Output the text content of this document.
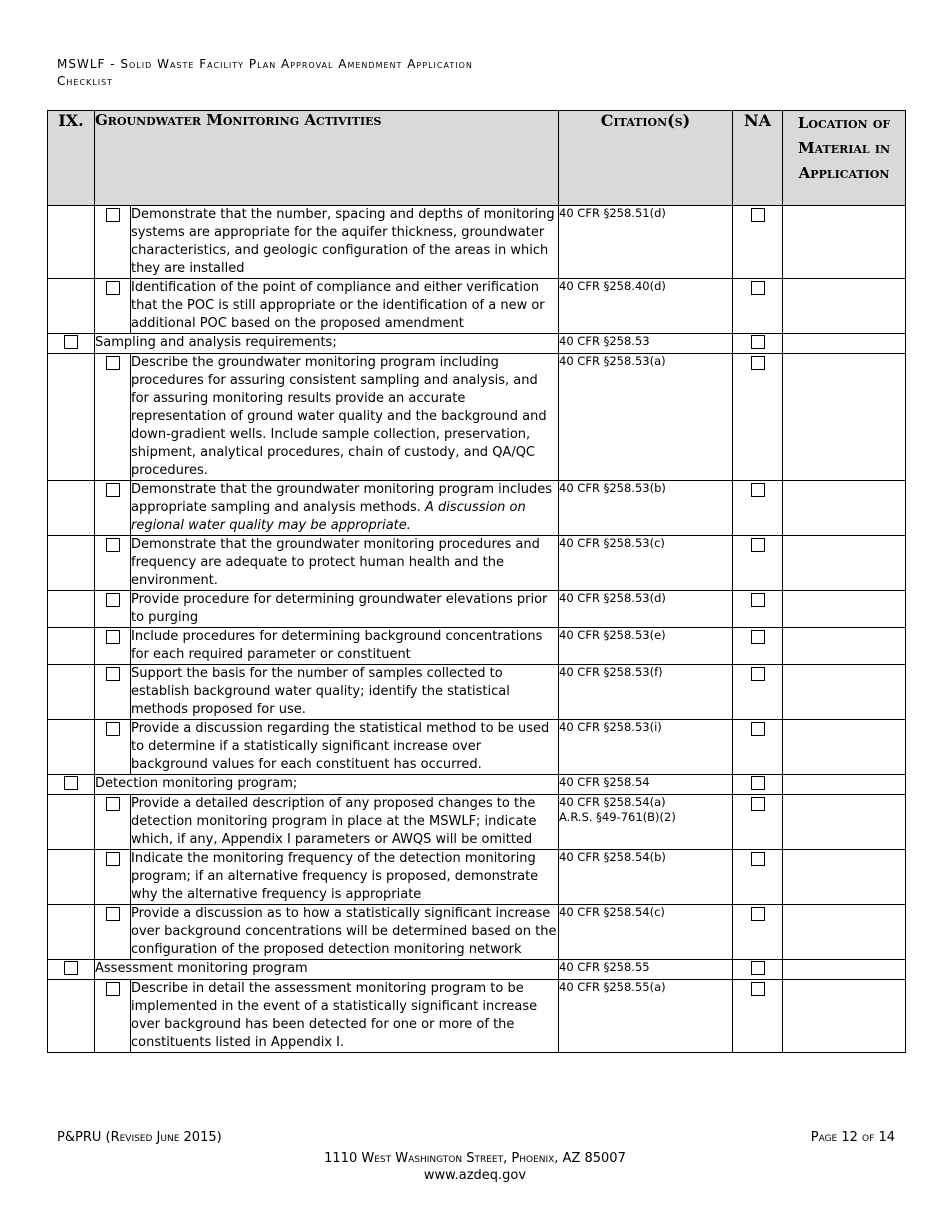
MSWLF - Solid Waste Facility Plan Approval Amendment Application
Checklist
IX.	Groundwater Monitoring Activities		Citation(s)	NA	Location of
Material in
Application

		Demonstrate that the number, spacing and depths of monitoring systems are appropriate for the aquifer thickness, groundwater characteristics, and geologic configuration of the areas in which they are installed	40 CFR §258.51(d)		
		Identification of the point of compliance and either verification that the POC is still appropriate or the identification of a new or additional POC based on the proposed amendment	40 CFR §258.40(d)		
	Sampling and analysis requirements;		40 CFR §258.53		
		Describe the groundwater monitoring program including procedures for assuring consistent sampling and analysis, and for assuring monitoring results provide an accurate representation of ground water quality and the background and down-gradient wells. Include sample collection, preservation, shipment, analytical procedures, chain of custody, and QA/QC procedures.	40 CFR §258.53(a)		
		Demonstrate that the groundwater monitoring program includes appropriate sampling and analysis methods. A discussion on regional water quality may be appropriate.	40 CFR §258.53(b)		
		Demonstrate that the groundwater monitoring procedures and frequency are adequate to protect human health and the environment.	40 CFR §258.53(c)		
		Provide procedure for determining groundwater elevations prior to purging	40 CFR §258.53(d)		
		Include procedures for determining background concentrations for each required parameter or constituent	40 CFR §258.53(e)		
		Support the basis for the number of samples collected to establish background water quality; identify the statistical methods proposed for use.	40 CFR §258.53(f)		
		Provide a discussion regarding the statistical method to be used to determine if a statistically significant increase over background values for each constituent has occurred.	40 CFR §258.53(i)		
	Detection monitoring program;		40 CFR §258.54		
		Provide a detailed description of any proposed changes to the detection monitoring program in place at the MSWLF; indicate which, if any, Appendix I parameters or AWQS will be omitted	40 CFR §258.54(a)
A.R.S. §49-761(B)(2)		

		Indicate the monitoring frequency of the detection monitoring program; if an alternative frequency is proposed, demonstrate why the alternative frequency is appropriate	40 CFR §258.54(b)		
		Provide a discussion as to how a statistically significant increase over background concentrations will be determined based on the configuration of the proposed detection monitoring network	40 CFR §258.54(c)		
	Assessment monitoring program		40 CFR §258.55		
		Describe in detail the assessment monitoring program to be implemented in the event of a statistically significant increase over background has been detected for one or more of the constituents listed in Appendix I.	40 CFR §258.55(a)		
P&PRU (Revised June 2015)	Page 12 of 14
1110 West Washington Street, Phoenix, AZ 85007
www.azdeq.gov
